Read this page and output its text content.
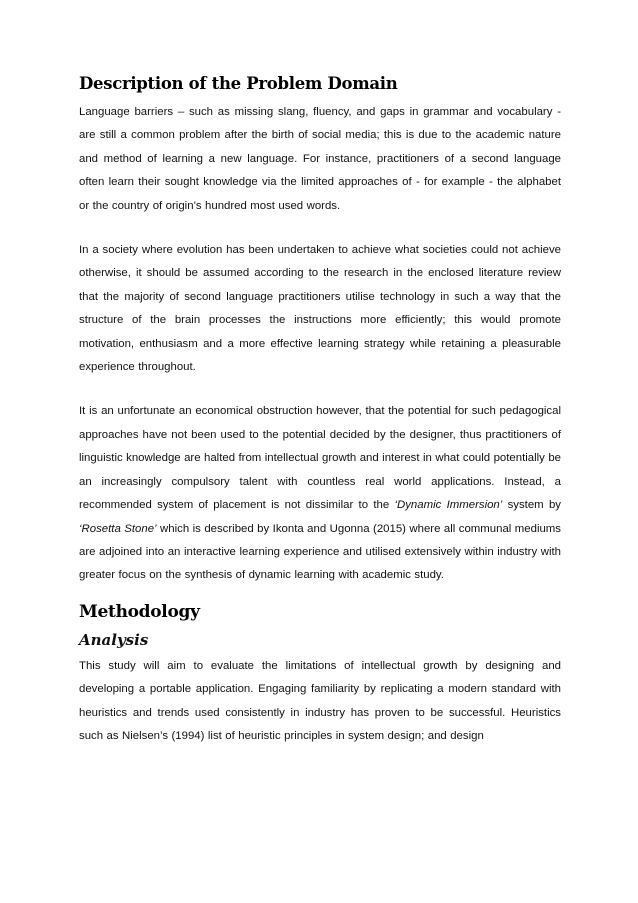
Description of the Problem Domain

Language barriers – such as missing slang, fluency, and gaps in grammar and vocabulary - are still a common problem after the birth of social media; this is due to the academic nature and method of learning a new language. For instance, practitioners of a second language often learn their sought knowledge via the limited approaches of - for example - the alphabet or the country of origin’s hundred most used words.

In a society where evolution has been undertaken to achieve what societies could not achieve otherwise, it should be assumed according to the research in the enclosed literature review that the majority of second language practitioners utilise technology in such a way that the structure of the brain processes the instructions more efficiently; this would promote motivation, enthusiasm and a more effective learning strategy while retaining a pleasurable experience throughout.

It is an unfortunate an economical obstruction however, that the potential for such pedagogical approaches have not been used to the potential decided by the designer, thus practitioners of linguistic knowledge are halted from intellectual growth and interest in what could potentially be an increasingly compulsory talent with countless real world applications. Instead, a recommended system of placement is not dissimilar to the ‘Dynamic Immersion’ system by ‘Rosetta Stone’ which is described by Ikonta and Ugonna (2015) where all communal mediums are adjoined into an interactive learning experience and utilised extensively within industry with greater focus on the synthesis of dynamic learning with academic study.

Methodology
Analysis

This study will aim to evaluate the limitations of intellectual growth by designing and developing a portable application. Engaging familiarity by replicating a modern standard with heuristics and trends used consistently in industry has proven to be successful. Heuristics such as Nielsen’s (1994) list of heuristic principles in system design; and design
